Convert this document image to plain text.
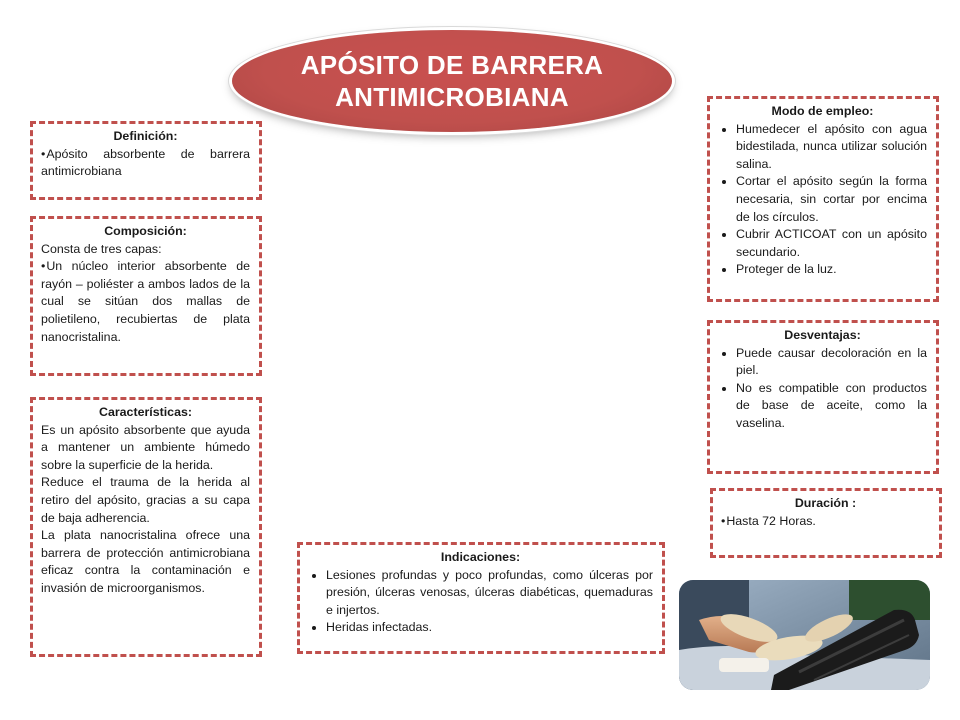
APÓSITO DE BARRERA
ANTIMICROBIANA
Definición:

• Apósito absorbente de barrera antimicrobiana

Composición:

Consta de tres capas:

• Un núcleo interior absorbente de rayón – poliéster a ambos lados de la cual se sitúan dos mallas de polietileno, recubiertas de plata nanocristalina.

Características:

Es un apósito absorbente que ayuda a mantener un ambiente húmedo sobre la superficie de la herida.

Reduce el trauma de la herida al retiro del apósito, gracias a su capa de baja adherencia.

La plata nanocristalina ofrece una barrera de protección antimicrobiana eficaz contra la contaminación e invasión de microorganismos.

Modo de empleo:
• Humedecer el apósito con agua bidestilada, nunca utilizar solución salina.
• Cortar el apósito según la forma necesaria, sin cortar por encima de los círculos.
• Cubrir ACTICOAT con un apósito secundario.
• Proteger de la luz.
Desventajas:
• Puede causar decoloración en la piel.
• No es compatible con productos de base de aceite, como la vaselina.
Duración :

• Hasta 72 Horas.

Indicaciones:
• Lesiones profundas y poco profundas, como úlceras por presión, úlceras venosas, úlceras diabéticas, quemaduras e injertos.
• Heridas infectadas.
